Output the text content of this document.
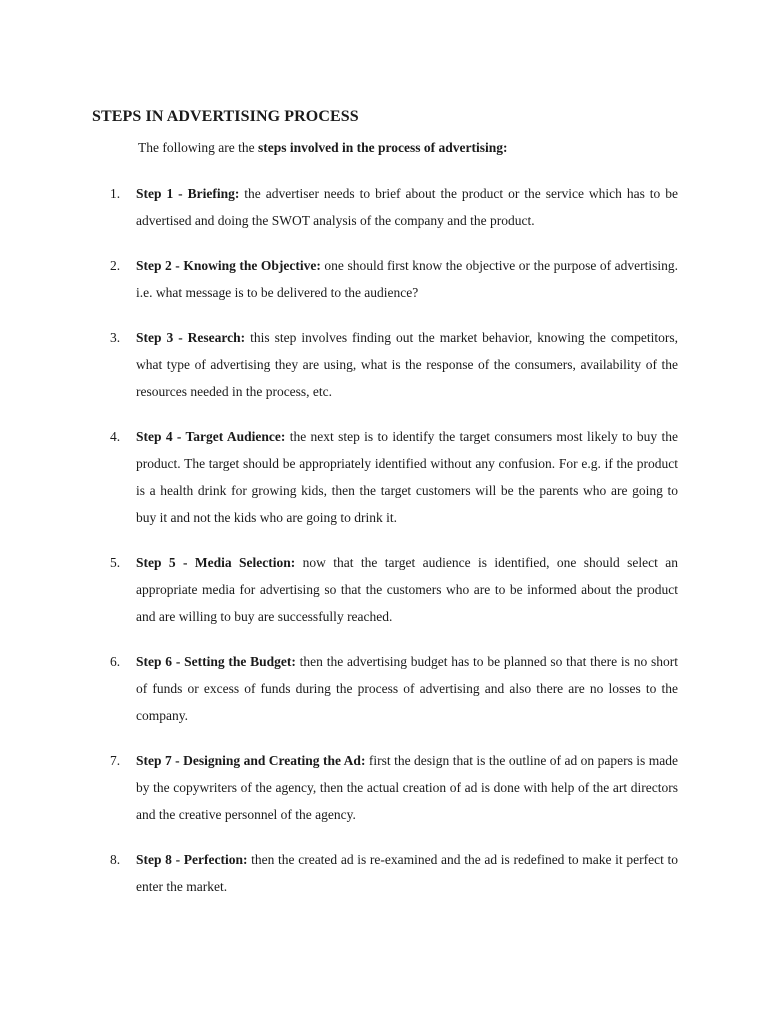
STEPS IN ADVERTISING PROCESS

The following are the steps involved in the process of advertising:

1. Step 1 - Briefing: the advertiser needs to brief about the product or the service which has to be advertised and doing the SWOT analysis of the company and the product.
2. Step 2 - Knowing the Objective: one should first know the objective or the purpose of advertising. i.e. what message is to be delivered to the audience?
3. Step 3 - Research: this step involves finding out the market behavior, knowing the competitors, what type of advertising they are using, what is the response of the consumers, availability of the resources needed in the process, etc.
4. Step 4 - Target Audience: the next step is to identify the target consumers most likely to buy the product. The target should be appropriately identified without any confusion. For e.g. if the product is a health drink for growing kids, then the target customers will be the parents who are going to buy it and not the kids who are going to drink it.
5. Step 5 - Media Selection: now that the target audience is identified, one should select an appropriate media for advertising so that the customers who are to be informed about the product and are willing to buy are successfully reached.
6. Step 6 - Setting the Budget: then the advertising budget has to be planned so that there is no short of funds or excess of funds during the process of advertising and also there are no losses to the company.
7. Step 7 - Designing and Creating the Ad: first the design that is the outline of ad on papers is made by the copywriters of the agency, then the actual creation of ad is done with help of the art directors and the creative personnel of the agency.
8. Step 8 - Perfection: then the created ad is re-examined and the ad is redefined to make it perfect to enter the market.
